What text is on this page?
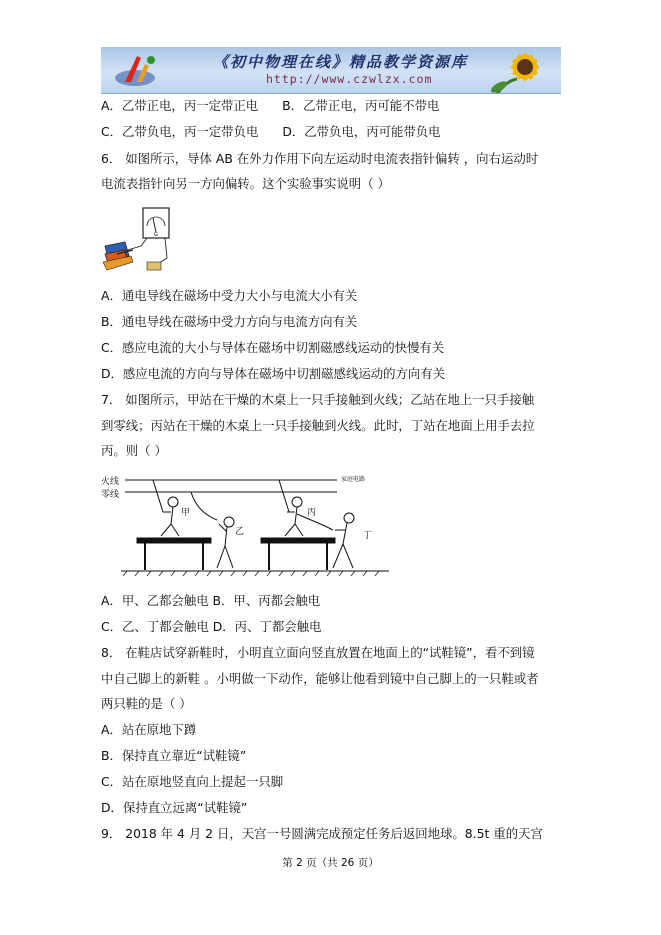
《初中物理在线》精品教学资源库
http://www.czwlzx.com
A．乙带正电，丙一定带正电 B．乙带正电，丙可能不带电
C．乙带负电，丙一定带负电 D．乙带负电，丙可能带负电
6． 如图所示，导体 AB 在外力作用下向左运动时电流表指针偏转 ，向右运动时
电流表指针向另一方向偏转。这个实验事实说明（ ）
G
A．通电导线在磁场中受力大小与电流大小有关
B．通电导线在磁场中受力方向与电流方向有关
C．感应电流的大小与导体在磁场中切割磁感线运动的快慢有关
D．感应电流的方向与导体在磁场中切割磁感线运动的方向有关
7． 如图所示，甲站在干燥的木桌上一只手接触到火线；乙站在地上一只手接触
到零线；丙站在干燥的木桌上一只手接触到火线。此时，丁站在地面上用手去拉
丙。则（ ）
火线
零线
家庭电路
甲
乙
丙
丁
A．甲、乙都会触电 B．甲、丙都会触电
C．乙、丁都会触电 D．丙、丁都会触电
8． 在鞋店试穿新鞋时，小明直立面向竖直放置在地面上的“试鞋镜”，看不到镜
中自己脚上的新鞋 。小明做一下动作，能够让他看到镜中自己脚上的一只鞋或者
两只鞋的是（ ）
A．站在原地下蹲
B．保持直立靠近“试鞋镜”
C．站在原地竖直向上提起一只脚
D．保持直立远离“试鞋镜”
9． 2018 年 4 月 2 日，天宫一号圆满完成预定任务后返回地球。8.5t 重的天宫
第 2 页（共 26 页）
